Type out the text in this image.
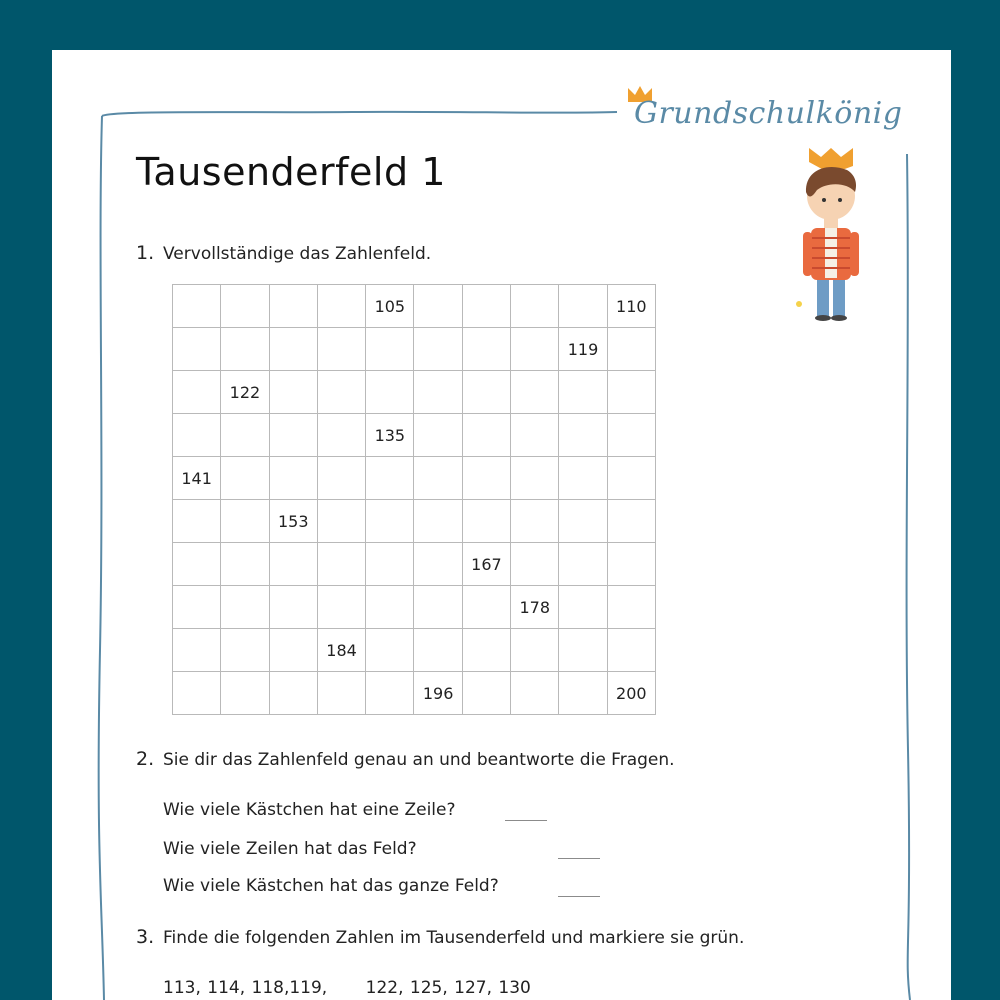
Grundschulkönig
Tausenderfeld 1
1. Vervollständige das Zahlenfeld.
105	110
119
122
135
141
153
167
178
184
196	200
2. Sie dir das Zahlenfeld genau an und beantworte die Fragen.
Wie viele Kästchen hat eine Zeile?
Wie viele Zeilen hat das Feld?
Wie viele Kästchen hat das ganze Feld?
3. Finde die folgenden Zahlen im Tausenderfeld und markiere sie grün.
113, 114, 118,119,      122, 125, 127, 130
